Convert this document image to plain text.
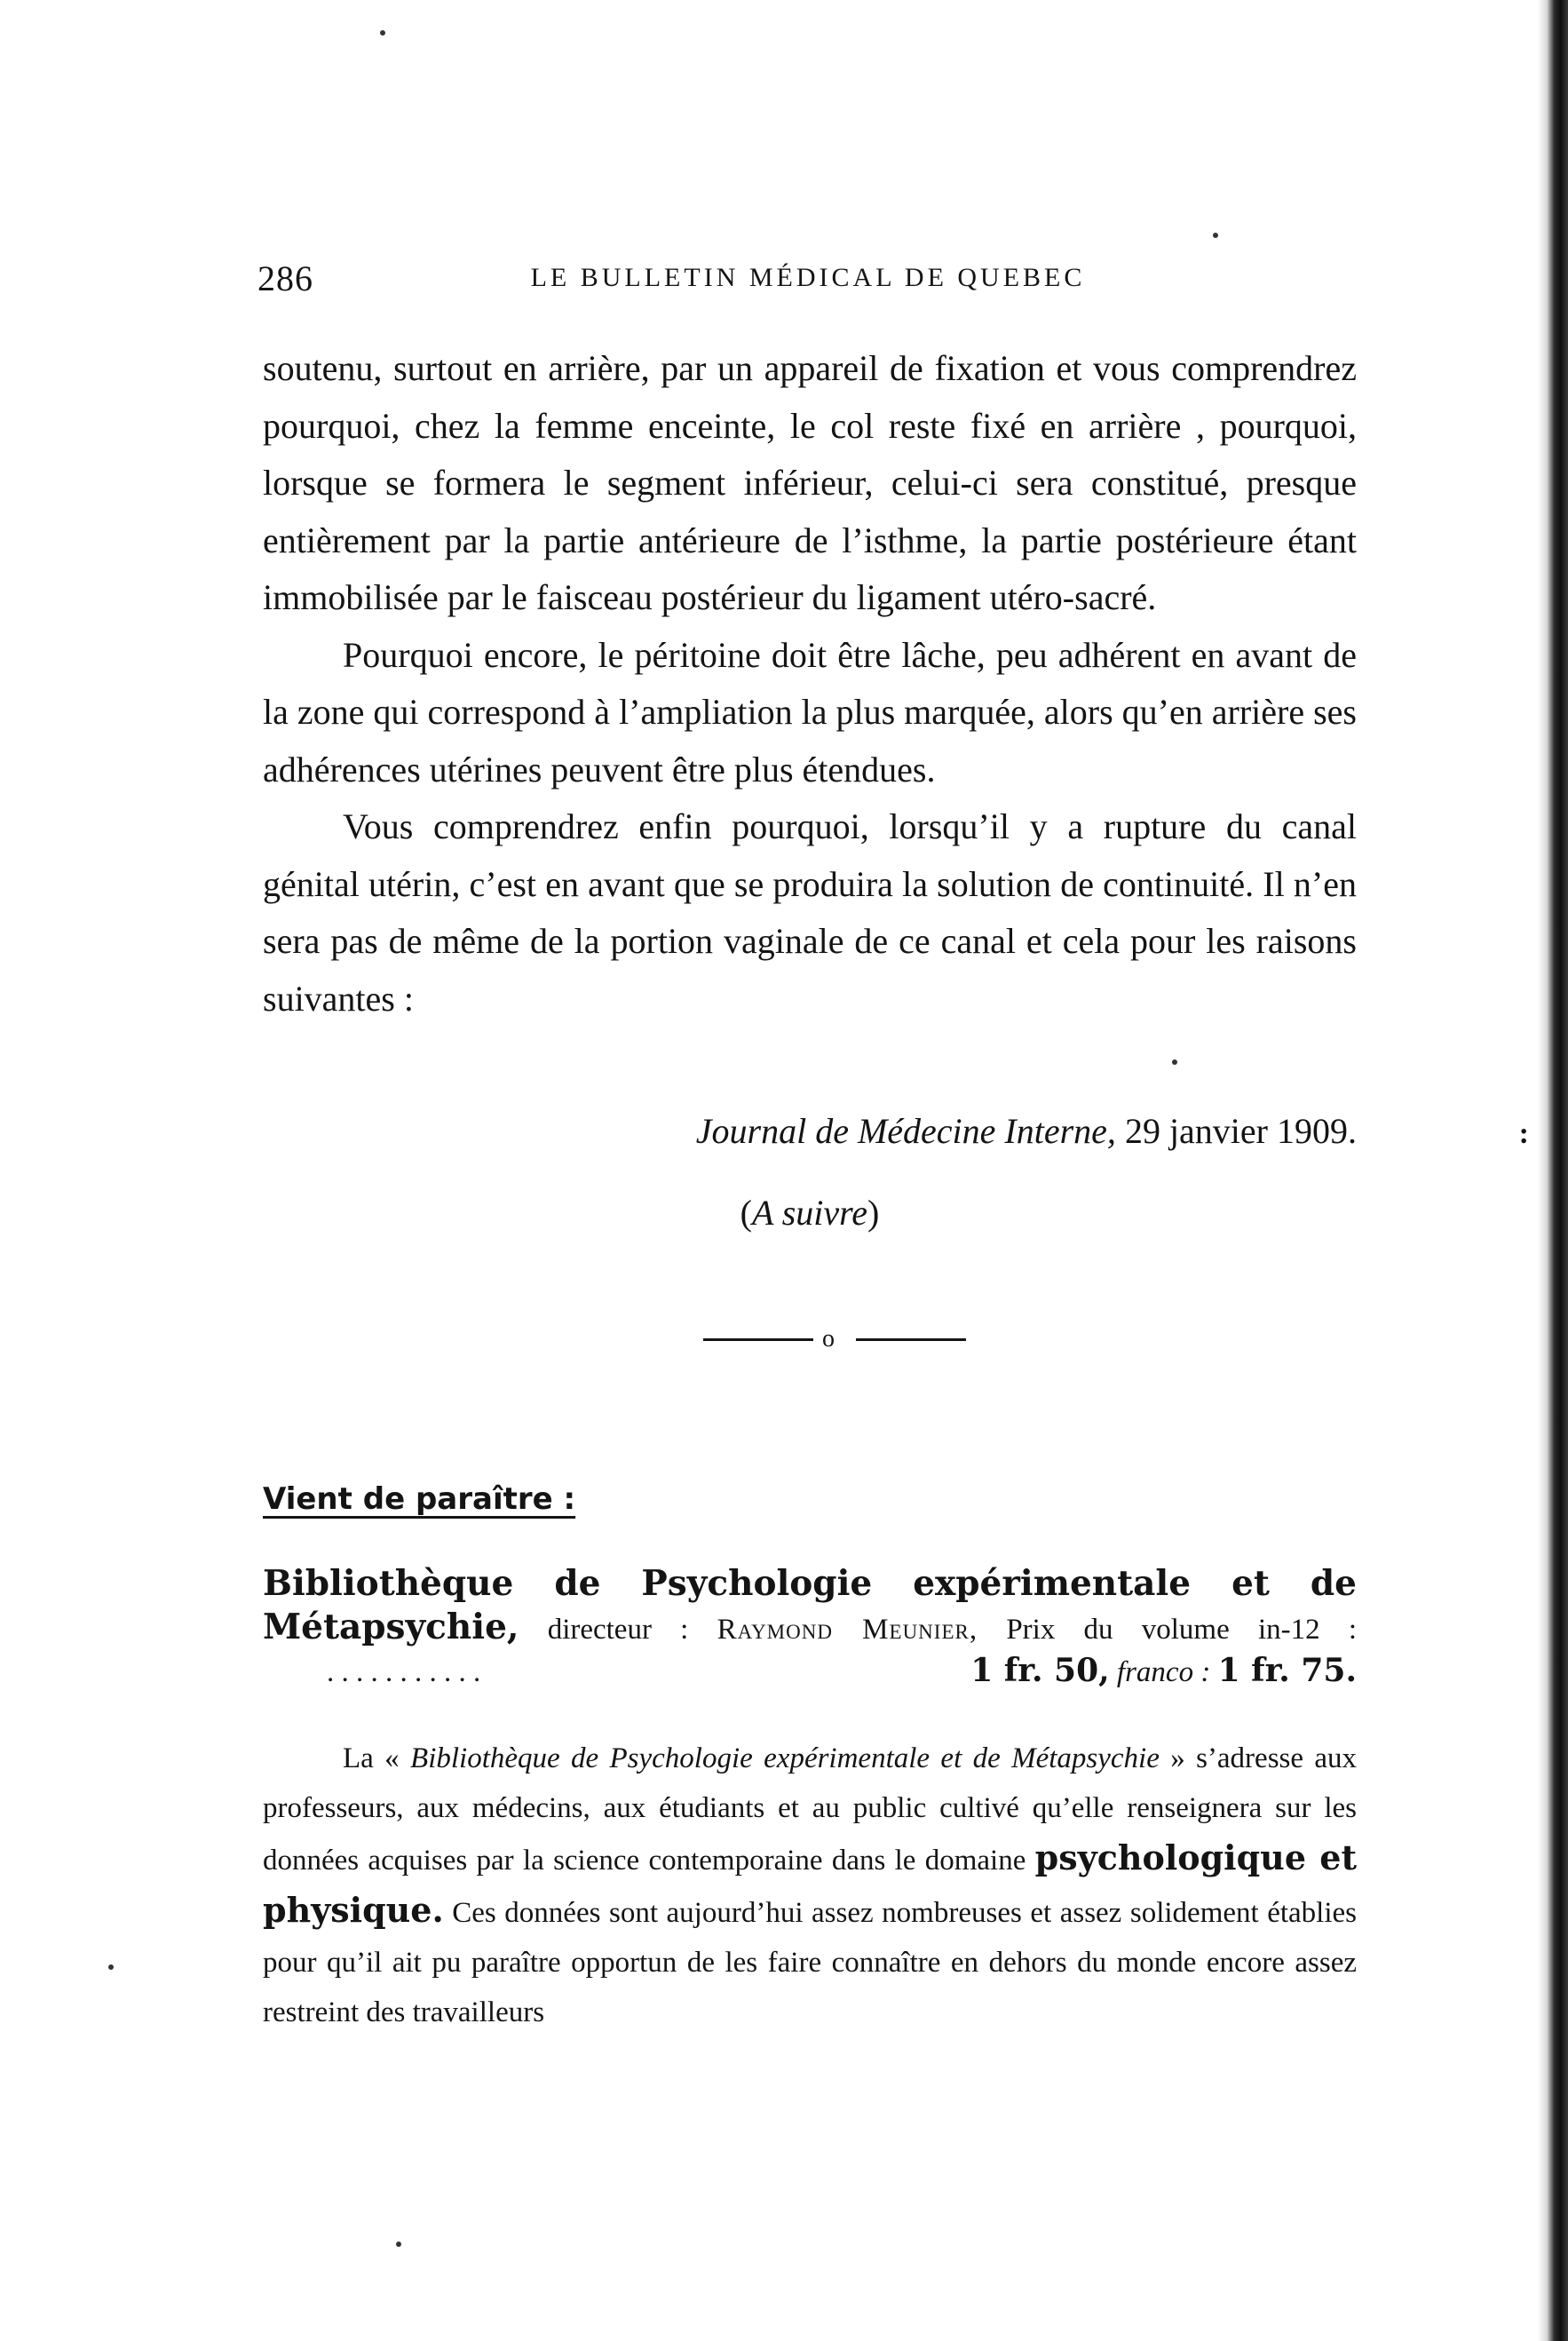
:
286	LE BULLETIN MÉDICAL DE QUEBEC

soutenu, surtout en arrière, par un appareil de fixation et vous comprendrez pourquoi, chez la femme enceinte, le col reste fixé en arrière , pourquoi, lorsque se formera le segment inférieur, celui-ci sera constitué, presque entièrement par la partie antérieure de l’isthme, la partie postérieure étant immobilisée par le faisceau postérieur du ligament utéro-sacré.

Pourquoi encore, le péritoine doit être lâche, peu adhérent en avant de la zone qui correspond à l’ampliation la plus marquée, alors qu’en arrière ses adhérences utérines peuvent être plus étendues.

Vous comprendrez enfin pourquoi, lorsqu’il y a rupture du canal génital utérin, c’est en avant que se produira la solution de continuité. Il n’en sera pas de même de la portion vaginale de ce canal et cela pour les raisons suivantes :

Journal de Médecine Interne, 29 janvier 1909.
(A suivre)
o
Vient de paraître :
Bibliothèque de Psychologie expérimentale et de Métapsychie, directeur : Raymond Meunier, Prix du volume in-12 :
. . . . . . . . . . .	1 fr. 50, franco : 1 fr. 75.

La « Bibliothèque de Psychologie expérimentale et de Métapsychie » s’adresse aux professeurs, aux médecins, aux étudiants et au public cultivé qu’elle renseignera sur les données acquises par la science contemporaine dans le domaine psychologique et physique. Ces données sont aujourd’hui assez nombreuses et assez solidement établies pour qu’il ait pu paraître opportun de les faire connaître en dehors du monde encore assez restreint des travailleurs
